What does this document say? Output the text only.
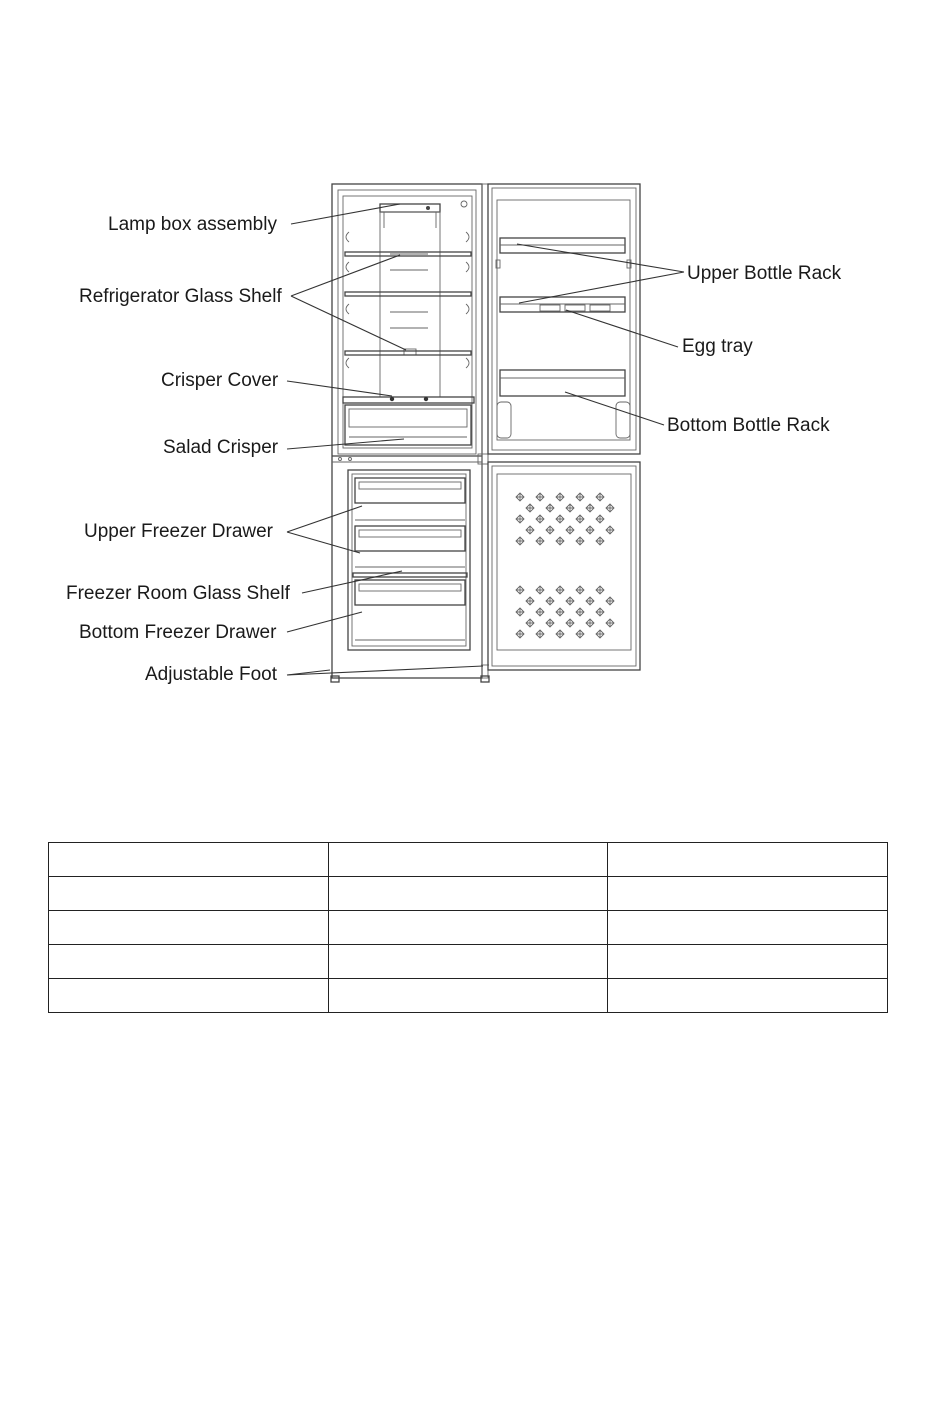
Lamp box assembly
Refrigerator Glass Shelf
Crisper Cover
Salad Crisper
Upper Freezer Drawer
Freezer Room Glass Shelf
Bottom Freezer Drawer
Adjustable Foot
Upper Bottle Rack
Egg tray
Bottom Bottle Rack
